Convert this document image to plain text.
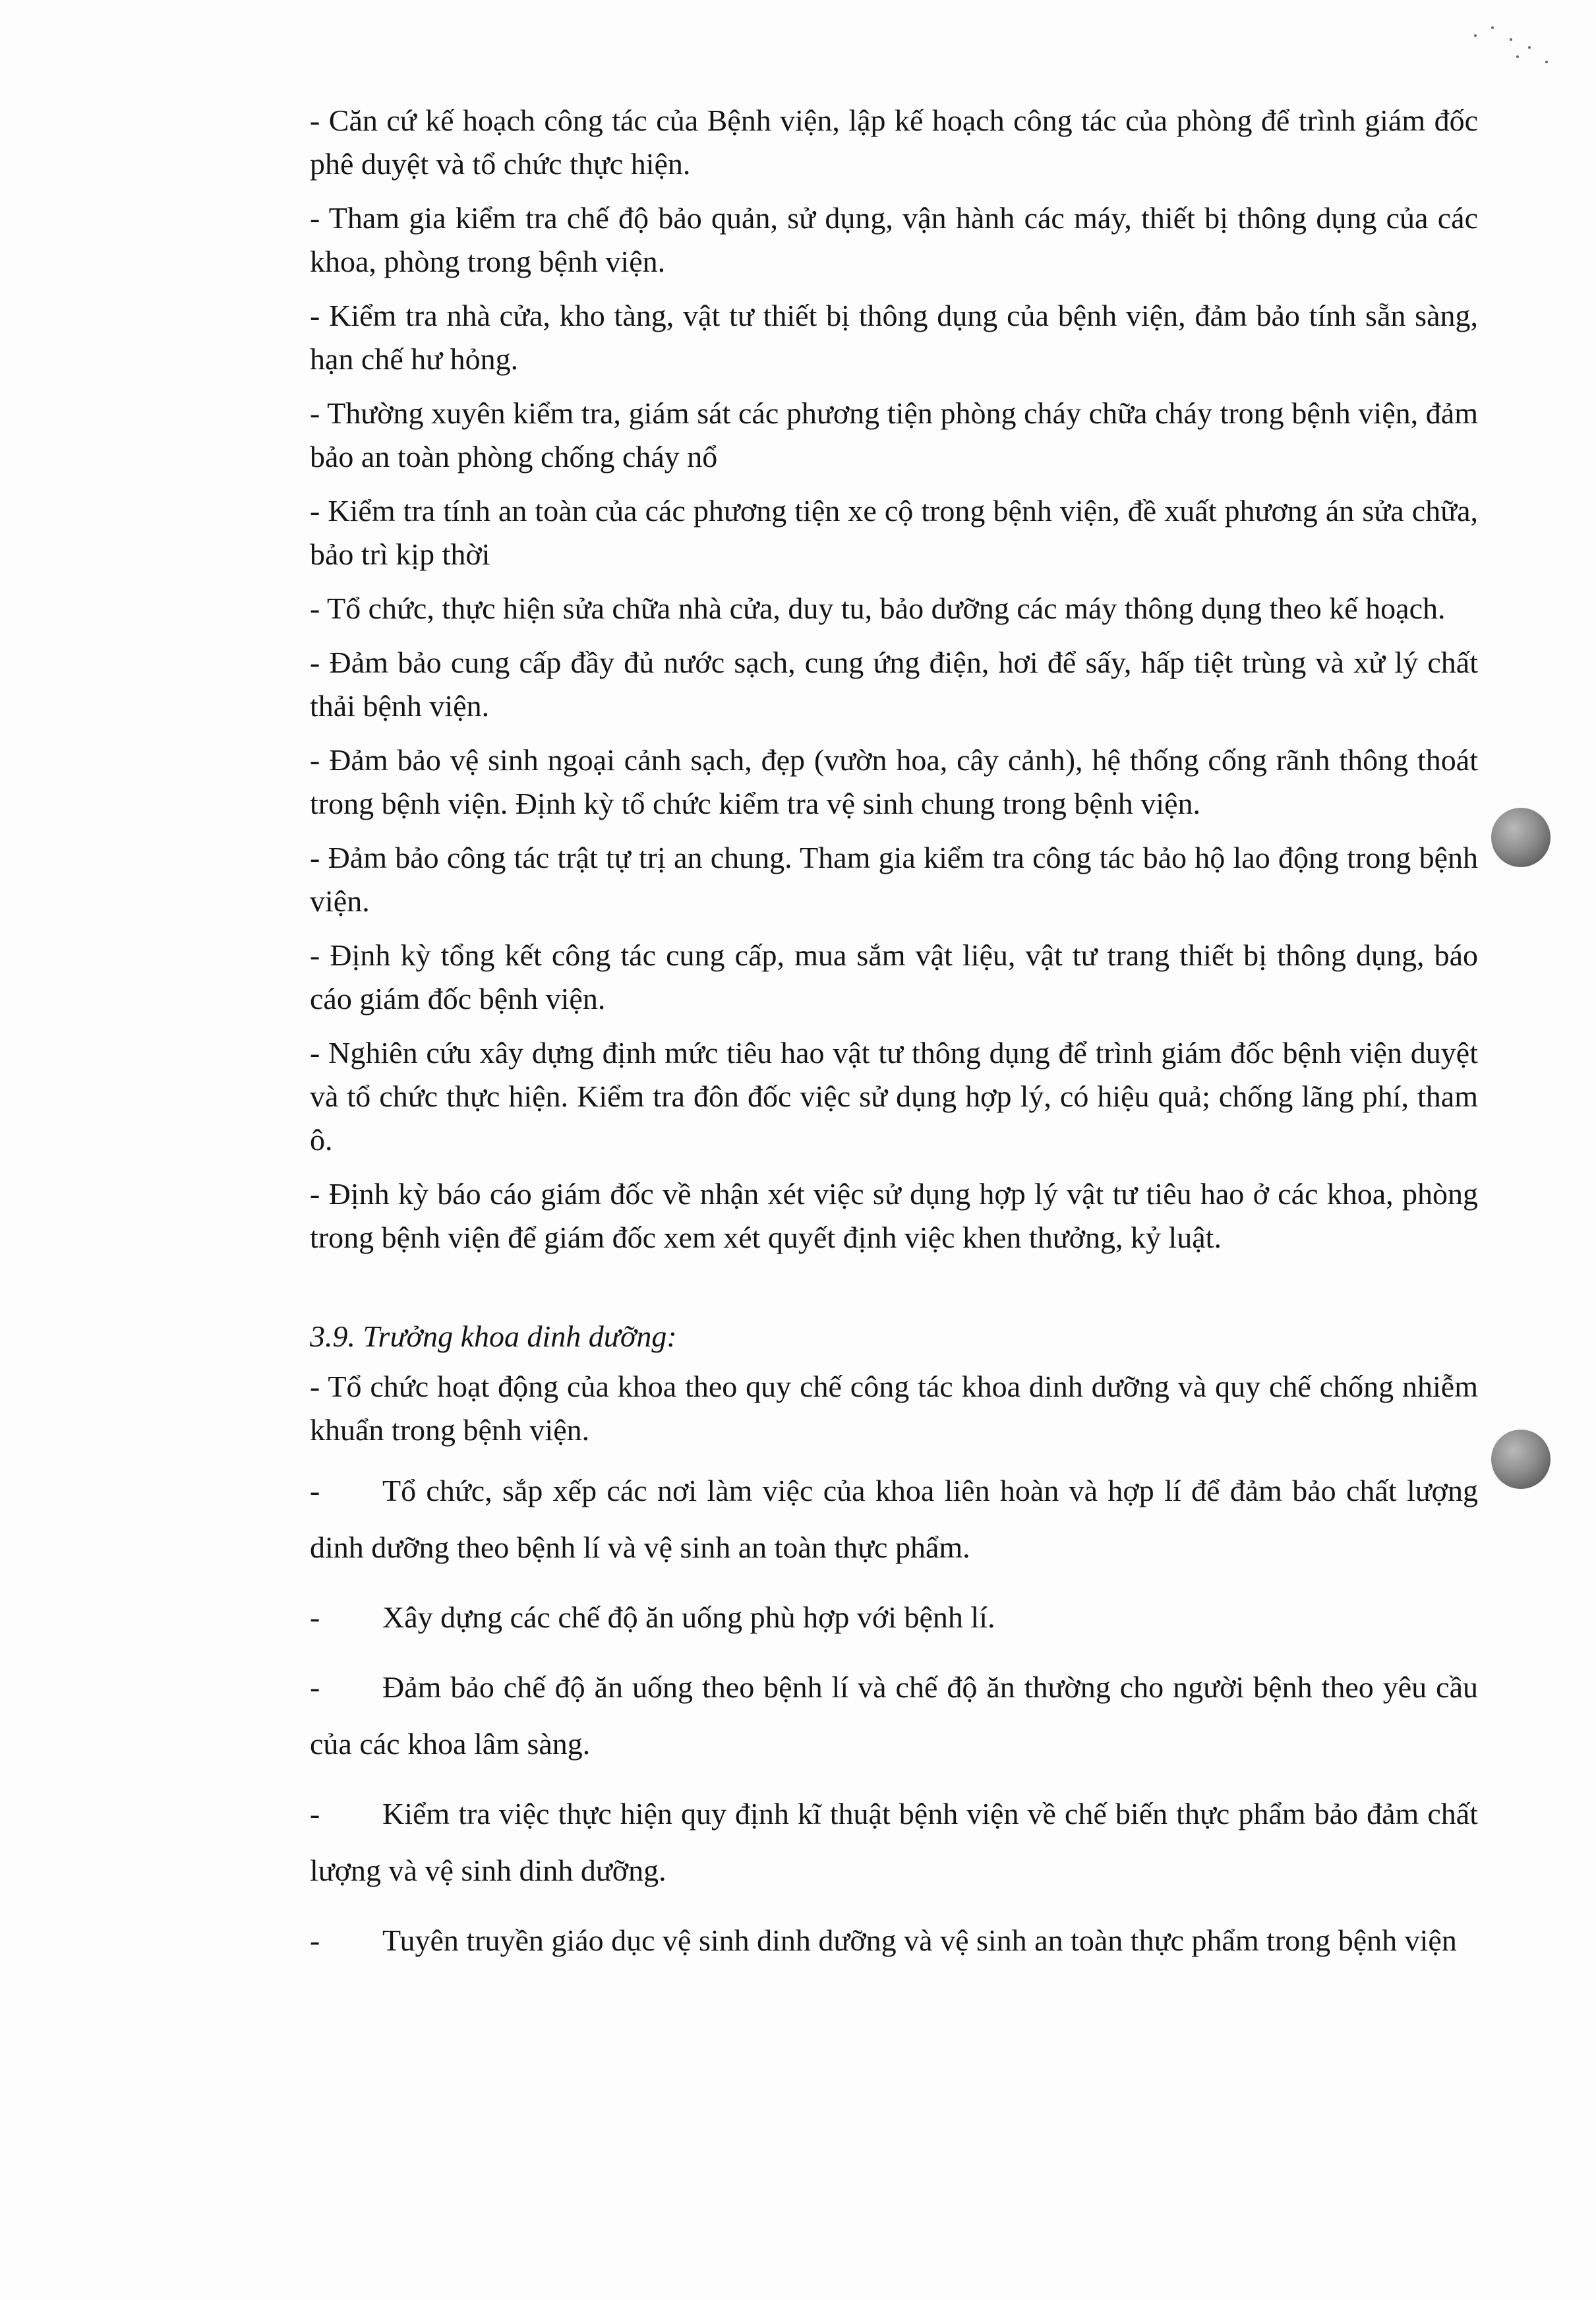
- Căn cứ kế hoạch công tác của Bệnh viện, lập kế hoạch công tác của phòng để trình giám đốc phê duyệt và tổ chức thực hiện.

- Tham gia kiểm tra chế độ bảo quản, sử dụng, vận hành các máy, thiết bị thông dụng của các khoa, phòng trong bệnh viện.

- Kiểm tra nhà cửa, kho tàng, vật tư thiết bị thông dụng của bệnh viện, đảm bảo tính sẵn sàng, hạn chế hư hỏng.

- Thường xuyên kiểm tra, giám sát các phương tiện phòng cháy chữa cháy trong bệnh viện, đảm bảo an toàn phòng chống cháy nổ

- Kiểm tra tính an toàn của các phương tiện xe cộ trong bệnh viện, đề xuất phương án sửa chữa, bảo trì kịp thời

- Tổ chức, thực hiện sửa chữa nhà cửa, duy tu, bảo dưỡng các máy thông dụng theo kế hoạch.

- Đảm bảo cung cấp đầy đủ nước sạch, cung ứng điện, hơi để sấy, hấp tiệt trùng và xử lý chất thải bệnh viện.

- Đảm bảo vệ sinh ngoại cảnh sạch, đẹp (vườn hoa, cây cảnh), hệ thống cống rãnh thông thoát trong bệnh viện. Định kỳ tổ chức kiểm tra vệ sinh chung trong bệnh viện.

- Đảm bảo công tác trật tự trị an chung. Tham gia kiểm tra công tác bảo hộ lao động trong bệnh viện.

- Định kỳ tổng kết công tác cung cấp, mua sắm vật liệu, vật tư trang thiết bị thông dụng, báo cáo giám đốc bệnh viện.

- Nghiên cứu xây dựng định mức tiêu hao vật tư thông dụng để trình giám đốc bệnh viện duyệt và tổ chức thực hiện. Kiểm tra đôn đốc việc sử dụng hợp lý, có hiệu quả; chống lãng phí, tham ô.

- Định kỳ báo cáo giám đốc về nhận xét việc sử dụng hợp lý vật tư tiêu hao ở các khoa, phòng trong bệnh viện để giám đốc xem xét quyết định việc khen thưởng, kỷ luật.

3.9. Trưởng khoa dinh dưỡng:

- Tổ chức hoạt động của khoa theo quy chế công tác khoa dinh dưỡng và quy chế chống nhiễm khuẩn trong bệnh viện.

- Tổ chức, sắp xếp các nơi làm việc của khoa liên hoàn và hợp lí để đảm bảo chất lượng dinh dưỡng theo bệnh lí và vệ sinh an toàn thực phẩm.
- Xây dựng các chế độ ăn uống phù hợp với bệnh lí.
- Đảm bảo chế độ ăn uống theo bệnh lí và chế độ ăn thường cho người bệnh theo yêu cầu của các khoa lâm sàng.
- Kiểm tra việc thực hiện quy định kĩ thuật bệnh viện về chế biến thực phẩm bảo đảm chất lượng và vệ sinh dinh dưỡng.
- Tuyên truyền giáo dục vệ sinh dinh dưỡng và vệ sinh an toàn thực phẩm trong bệnh viện
